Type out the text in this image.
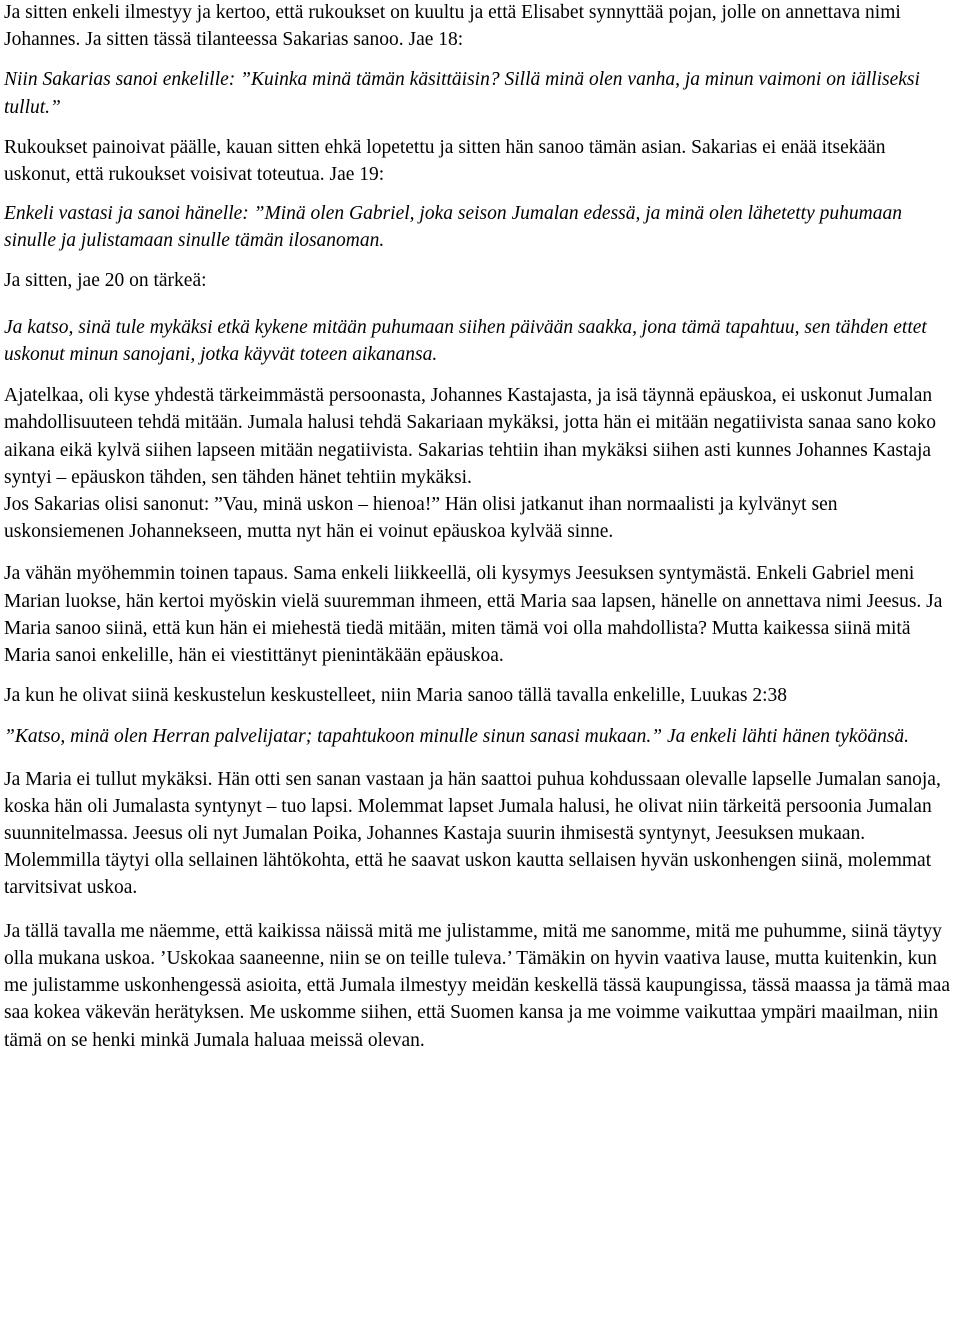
Ja sitten enkeli ilmestyy ja kertoo, että rukoukset on kuultu ja että Elisabet synnyttää pojan, jolle on annettava nimi Johannes. Ja sitten tässä tilanteessa Sakarias sanoo. Jae 18:

Niin Sakarias sanoi enkelille: ”Kuinka minä tämän käsittäisin? Sillä minä olen vanha, ja minun vaimoni on iälliseksi tullut.”

Rukoukset painoivat päälle, kauan sitten ehkä lopetettu ja sitten hän sanoo tämän asian. Sakarias ei enää itsekään uskonut, että rukoukset voisivat toteutua. Jae 19:

Enkeli vastasi ja sanoi hänelle: ”Minä olen Gabriel, joka seison Jumalan edessä, ja minä olen lähetetty puhumaan sinulle ja julistamaan sinulle tämän ilosanoman.

Ja sitten, jae 20 on tärkeä:

Ja katso, sinä tule mykäksi etkä kykene mitään puhumaan siihen päivään saakka, jona tämä tapahtuu, sen tähden ettet uskonut minun sanojani, jotka käyvät toteen aikanansa.

Ajatelkaa, oli kyse yhdestä tärkeimmästä persoonasta, Johannes Kastajasta, ja isä täynnä epäuskoa, ei uskonut Jumalan mahdollisuuteen tehdä mitään. Jumala halusi tehdä Sakariaan mykäksi, jotta hän ei mitään negatiivista sanaa sano koko aikana eikä kylvä siihen lapseen mitään negatiivista. Sakarias tehtiin ihan mykäksi siihen asti kunnes Johannes Kastaja syntyi – epäuskon tähden, sen tähden hänet tehtiin mykäksi.

Jos Sakarias olisi sanonut: ”Vau, minä uskon – hienoa!” Hän olisi jatkanut ihan normaalisti ja kylvänyt sen uskonsiemenen Johannekseen, mutta nyt hän ei voinut epäuskoa kylvää sinne.

Ja vähän myöhemmin toinen tapaus. Sama enkeli liikkeellä, oli kysymys Jeesuksen syntymästä. Enkeli Gabriel meni Marian luokse, hän kertoi myöskin vielä suuremman ihmeen, että Maria saa lapsen, hänelle on annettava nimi Jeesus. Ja Maria sanoo siinä, että kun hän ei miehestä tiedä mitään, miten tämä voi olla mahdollista? Mutta kaikessa siinä mitä Maria sanoi enkelille, hän ei viestittänyt pienintäkään epäuskoa.

Ja kun he olivat siinä keskustelun keskustelleet, niin Maria sanoo tällä tavalla enkelille, Luukas 2:38

”Katso, minä olen Herran palvelijatar; tapahtukoon minulle sinun sanasi mukaan.” Ja enkeli lähti hänen tyköänsä.

Ja Maria ei tullut mykäksi. Hän otti sen sanan vastaan ja hän saattoi puhua kohdussaan olevalle lapselle Jumalan sanoja, koska hän oli Jumalasta syntynyt – tuo lapsi. Molemmat lapset Jumala halusi, he olivat niin tärkeitä persoonia Jumalan suunnitelmassa. Jeesus oli nyt Jumalan Poika, Johannes Kastaja suurin ihmisestä syntynyt, Jeesuksen mukaan. Molemmilla täytyi olla sellainen lähtökohta, että he saavat uskon kautta sellaisen hyvän uskonhengen siinä, molemmat tarvitsivat uskoa.

Ja tällä tavalla me näemme, että kaikissa näissä mitä me julistamme, mitä me sanomme, mitä me puhumme, siinä täytyy olla mukana uskoa. ’Uskokaa saaneenne, niin se on teille tuleva.’ Tämäkin on hyvin vaativa lause, mutta kuitenkin, kun me julistamme uskonhengessä asioita, että Jumala ilmestyy meidän keskellä tässä kaupungissa, tässä maassa ja tämä maa saa kokea väkevän herätyksen. Me uskomme siihen, että Suomen kansa ja me voimme vaikuttaa ympäri maailman, niin tämä on se henki minkä Jumala haluaa meissä olevan.
